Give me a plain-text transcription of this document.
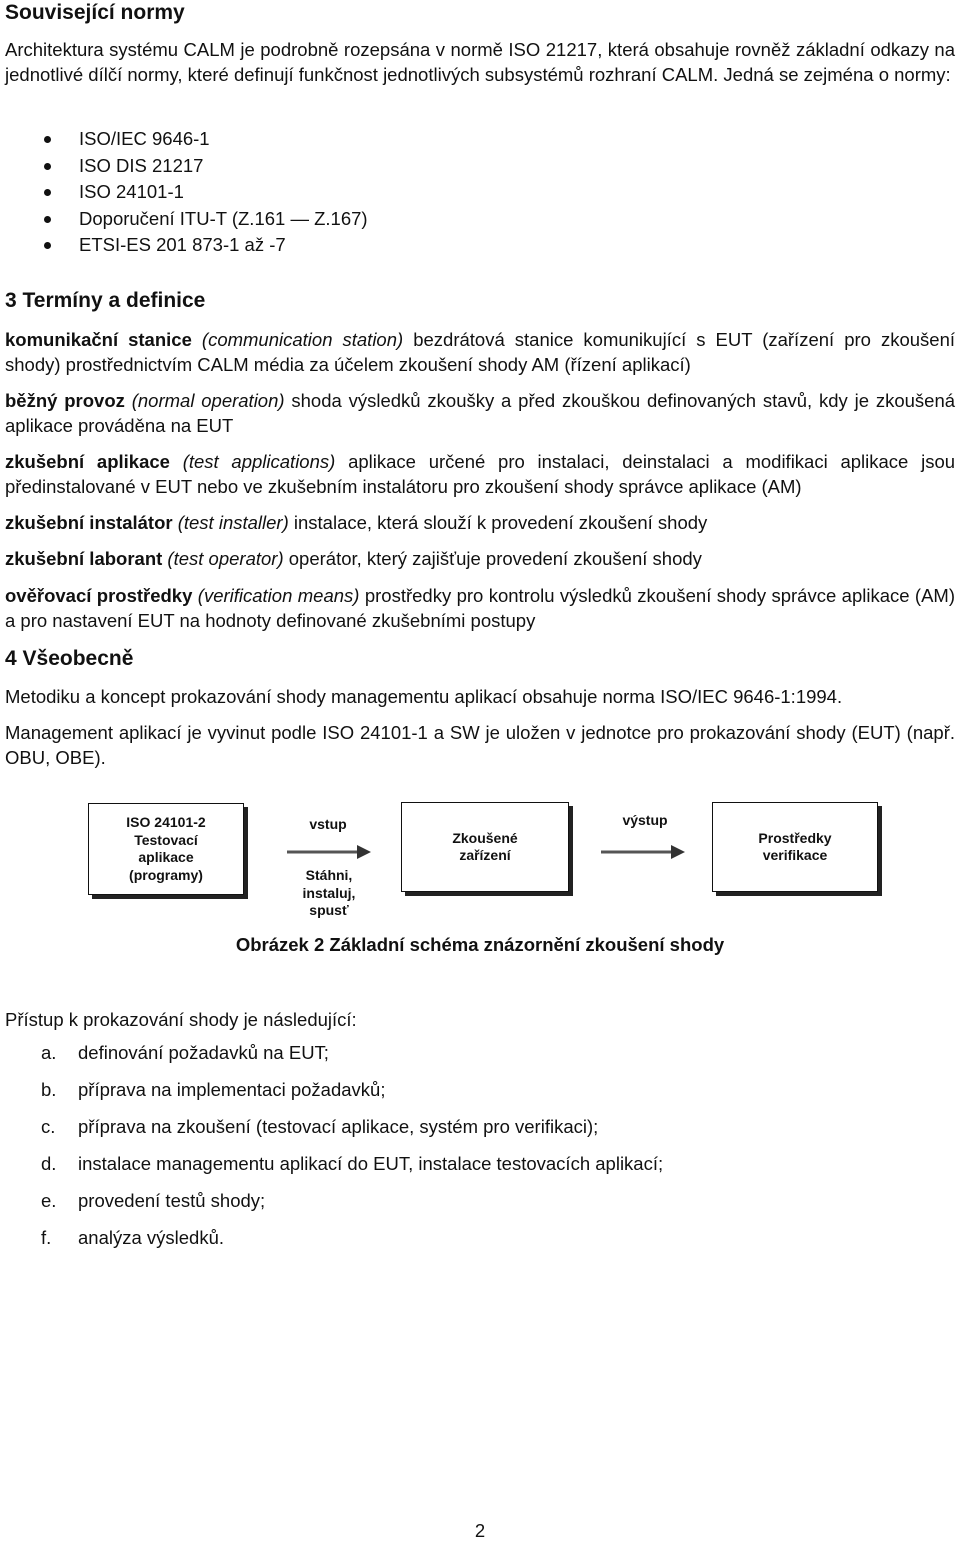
Související normy

Architektura systému CALM je podrobně rozepsána v normě ISO 21217, která obsahuje rovněž základní odkazy na jednotlivé dílčí normy, které definují funkčnost jednotlivých subsystémů rozhraní CALM. Jedná se zejména o normy:

ISO/IEC 9646-1
ISO DIS 21217
ISO 24101-1
Doporučení ITU-T (Z.161 — Z.167)
ETSI-ES 201 873-1 až -7
3 Termíny a definice

komunikační stanice (communication station) bezdrátová stanice komunikující s EUT (zařízení pro zkoušení shody) prostřednictvím CALM média za účelem zkoušení shody AM (řízení aplikací)

běžný provoz (normal operation) shoda výsledků zkoušky a před zkouškou definovaných stavů, kdy je zkoušená aplikace prováděna na EUT

zkušební aplikace (test applications) aplikace určené pro instalaci, deinstalaci a modifikaci aplikace jsou předinstalované v EUT nebo ve zkušebním instalátoru pro zkoušení shody správce aplikace (AM)

zkušební instalátor (test installer) instalace, která slouží k provedení zkoušení shody

zkušební laborant (test operator) operátor, který zajišťuje provedení zkoušení shody

ověřovací prostředky (verification means) prostředky pro kontrolu výsledků zkoušení shody správce aplikace (AM) a pro nastavení EUT na hodnoty definované zkušebními postupy

4 Všeobecně

Metodiku a koncept prokazování shody managementu aplikací obsahuje norma ISO/IEC 9646-1:1994.

Management aplikací je vyvinut podle ISO 24101-1 a SW je uložen v jednotce pro prokazování shody (EUT) (např. OBU, OBE).

ISO 24101-2
Testovací
aplikace
(programy)
vstup
Stáhni,
instaluj,
spusť
Zkoušené
zařízení
výstup
Prostředky
verifikace

Obrázek 2 Základní schéma znázornění zkoušení shody

Přístup k prokazování shody je následující:

a. definování požadavků na EUT;
b. příprava na implementaci požadavků;
c. příprava na zkoušení (testovací aplikace, systém pro verifikaci);
d. instalace managementu aplikací do EUT, instalace testovacích aplikací;
e. provedení testů shody;
f. analýza výsledků.
2
